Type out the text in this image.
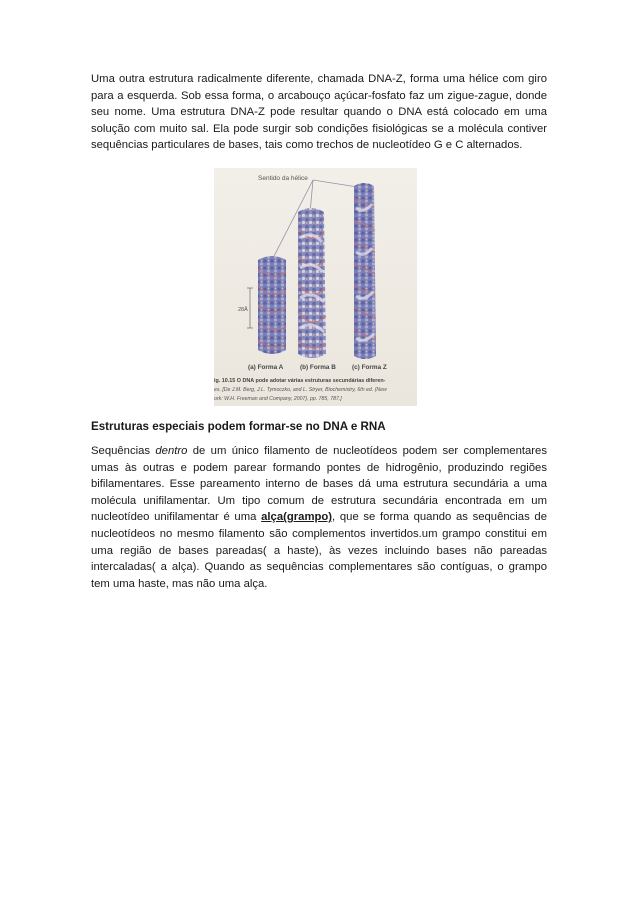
Uma outra estrutura radicalmente diferente, chamada DNA-Z, forma uma hélice com giro para a esquerda. Sob essa forma, o arcabouço açúcar-fosfato faz um zigue-zague, donde seu nome. Uma estrutura DNA-Z pode resultar quando o DNA está colocado em uma solução com muito sal. Ela pode surgir sob condições fisiológicas se a molécula contiver sequências particulares de bases, tais como trechos de nucleotídeo G e C alternados.

Sentido da hélice
28Å
(a) Forma A	(b) Forma B	(c) Forma Z
ig. 10.15 O DNA pode adotar várias estruturas secundárias diferen-
es. [De J.M. Berg, J.L. Tymoczko, and L. Stryer, Biochemistry, 6th ed. (New
ork: W.H. Freeman and Company, 2007), pp. 785, 787.]

Estruturas especiais podem formar-se no DNA e RNA

Sequências dentro de um único filamento de nucleotídeos podem ser complementares umas às outras e podem parear formando pontes de hidrogênio, produzindo regiões bifilamentares. Esse pareamento interno de bases dá uma estrutura secundária a uma molécula unifilamentar. Um tipo comum de estrutura secundária encontrada em um nucleotídeo unifilamentar é uma alça(grampo), que se forma quando as sequências de nucleotídeos no mesmo filamento são complementos invertidos.um grampo constitui em uma região de bases pareadas( a haste), às vezes incluindo bases não pareadas intercaladas( a alça). Quando as sequências complementares são contíguas, o grampo tem uma haste, mas não uma alça.
